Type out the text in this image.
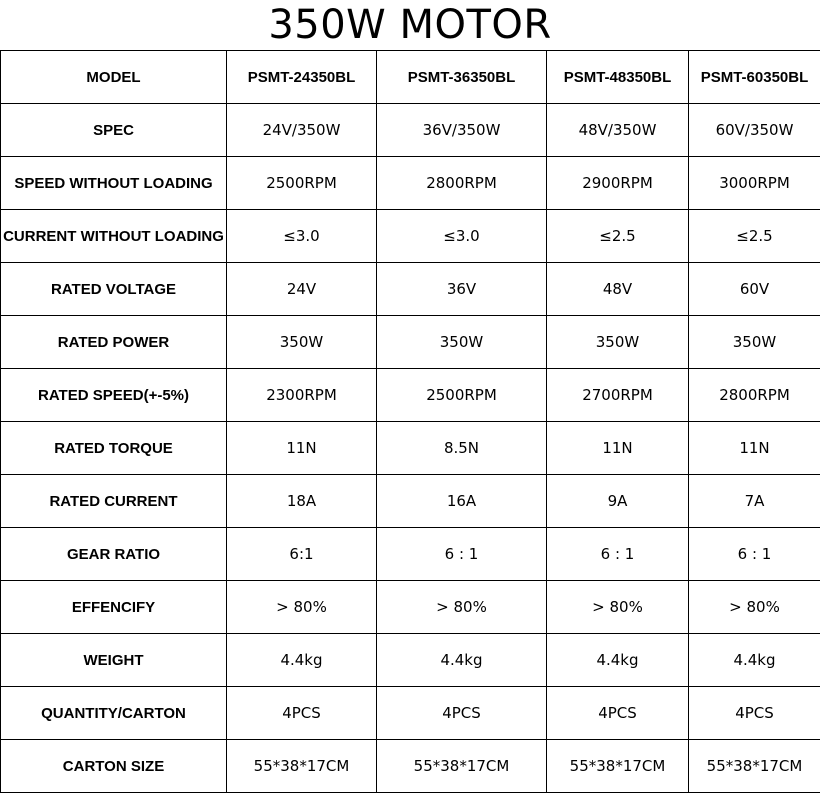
350W MOTOR
MODEL	PSMT-24350BL	PSMT-36350BL	PSMT-48350BL	PSMT-60350BL
SPEC	24V/350W	36V/350W	48V/350W	60V/350W
SPEED WITHOUT LOADING	2500RPM	2800RPM	2900RPM	3000RPM
CURRENT WITHOUT LOADING	≤3.0	≤3.0	≤2.5	≤2.5
RATED VOLTAGE	24V	36V	48V	60V
RATED POWER	350W	350W	350W	350W
RATED SPEED(+-5%)	2300RPM	2500RPM	2700RPM	2800RPM
RATED TORQUE	11N	8.5N	11N	11N
RATED CURRENT	18A	16A	9A	7A
GEAR RATIO	6:1	6 : 1	6 : 1	6 : 1
EFFENCIFY	> 80%	> 80%	> 80%	> 80%
WEIGHT	4.4kg	4.4kg	4.4kg	4.4kg
QUANTITY/CARTON	4PCS	4PCS	4PCS	4PCS
CARTON SIZE	55*38*17CM	55*38*17CM	55*38*17CM	55*38*17CM
